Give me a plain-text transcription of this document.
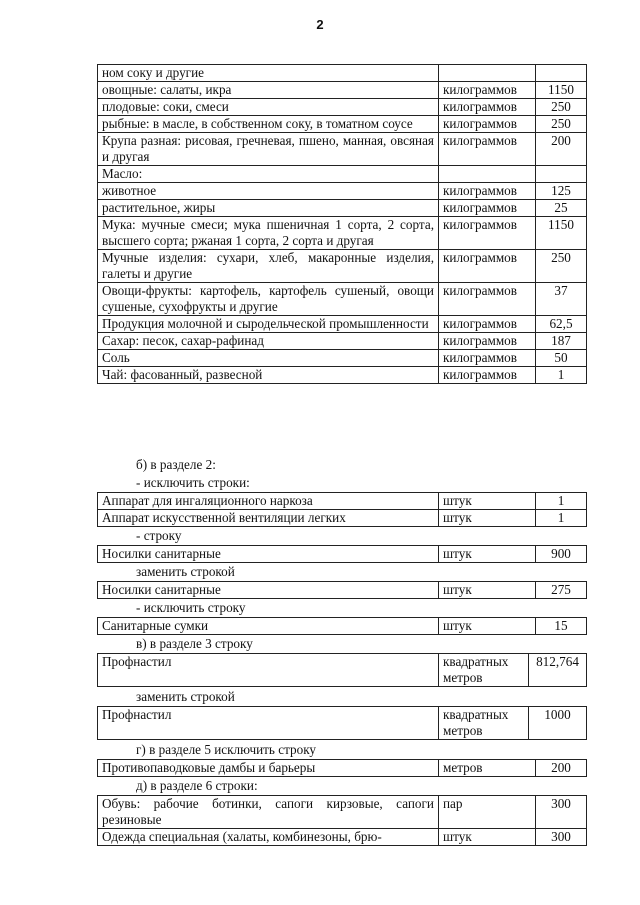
2
ном соку и другие		
овощные: салаты, икра	килограммов	1150
плодовые: соки, смеси	килограммов	250
рыбные: в масле, в собственном соку, в томатном соусе	килограммов	250
Крупа разная: рисовая, гречневая, пшено, манная, овсяная и другая	килограммов	200
Масло:		
животное	килограммов	125
растительное, жиры	килограммов	25
Мука: мучные смеси; мука пшеничная 1 сорта, 2 сорта, высшего сорта; ржаная 1 сорта, 2 сорта и другая	килограммов	1150
Мучные изделия: сухари, хлеб, макаронные изделия, галеты и другие	килограммов	250
Овощи-фрукты: картофель, картофель сушеный, овощи сушеные, сухофрукты и другие	килограммов	37
Продукция молочной и сыродельческой промышленности	килограммов	62,5
Сахар: песок, сахар-рафинад	килограммов	187
Соль	килограммов	50
Чай: фасованный, развесной	килограммов	1
б) в разделе 2:
- исключить строки:
Аппарат для ингаляционного наркоза	штук	1
Аппарат искусственной вентиляции легких	штук	1
- строку
Носилки санитарные	штук	900
заменить строкой
Носилки санитарные	штук	275
- исключить строку
Санитарные сумки	штук	15
в) в разделе 3 строку
Профнастил	квадратных метров	812,764
заменить строкой
Профнастил	квадратных метров	1000
г) в разделе 5 исключить строку
Противопаводковые дамбы и барьеры	метров	200
д) в разделе 6 строки:
Обувь: рабочие ботинки, сапоги кирзовые, сапоги резиновые	пар	300
Одежда специальная (халаты, комбинезоны, брю-	штук	300
